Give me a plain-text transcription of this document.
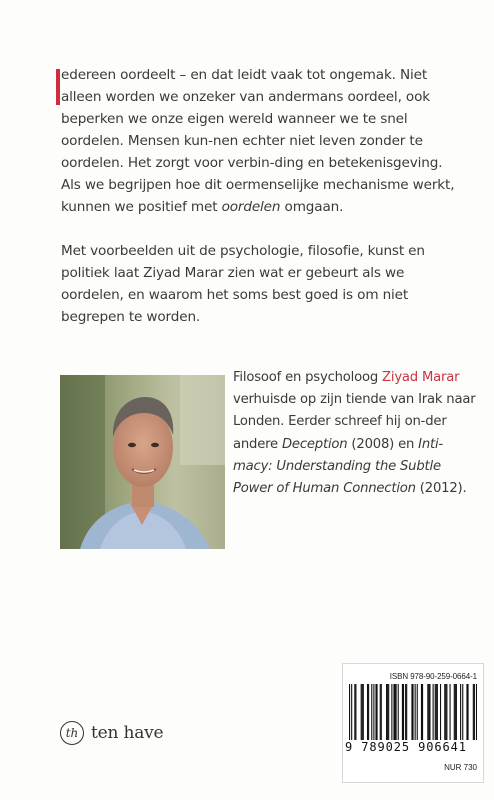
edereen oordeelt – en dat leidt vaak tot ongemak. Niet alleen worden we onzeker van andermans oordeel, ook beperken we onze eigen wereld wanneer we te snel oordelen. Mensen kun-nen echter niet leven zonder te oordelen. Het zorgt voor verbin-ding en betekenisgeving. Als we begrijpen hoe dit oermenselijke mechanisme werkt, kunnen we positief met oordelen omgaan.

Met voorbeelden uit de psychologie, filosofie, kunst en politiek laat Ziyad Marar zien wat er gebeurt als we oordelen, en waarom het soms best goed is om niet begrepen te worden.

Filosoof en psycholoog Ziyad Marar verhuisde op zijn tiende van Irak naar Londen. Eerder schreef hij on-der andere Deception (2008) en Inti-macy: Understanding the Subtle Power of Human Connection (2012).

th ten have
ISBN 978-90-259-0664-1
9 789025 906641
NUR 730
